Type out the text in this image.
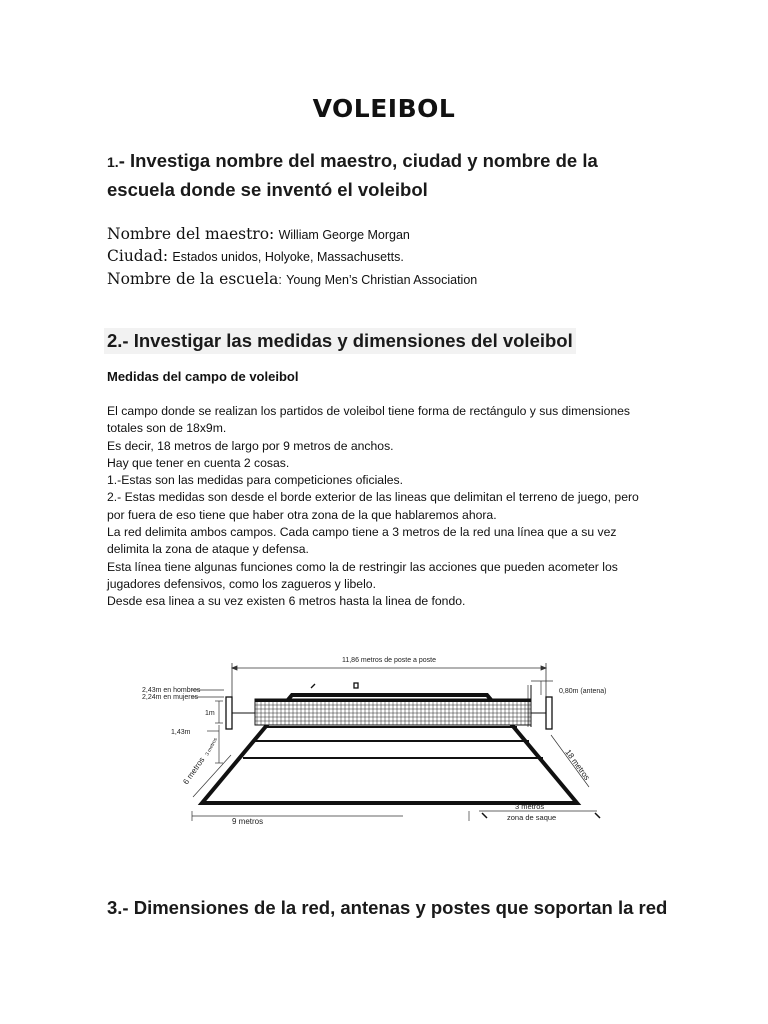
VOLEIBOL
1.- Investiga nombre del maestro, ciudad y nombre de la escuela donde se inventó el voleibol
Nombre del maestro: William George Morgan
Ciudad: Estados unidos, Holyoke, Massachusetts.
Nombre de la escuela: Young Men’s Christian Association
2.- Investigar las medidas y dimensiones del voleibol
Medidas del campo de voleibol
El campo donde se realizan los partidos de voleibol tiene forma de rectángulo y sus dimensiones
totales son de 18x9m.
Es decir, 18 metros de largo por 9 metros de anchos.
Hay que tener en cuenta 2 cosas.
1.-Estas son las medidas para competiciones oficiales.
2.- Estas medidas son desde el borde exterior de las lineas que delimitan el terreno de juego, pero
por fuera de eso tiene que haber otra zona de la que hablaremos ahora.
La red delimita ambos campos. Cada campo tiene a 3 metros de la red una línea que a su vez
delimita la zona de ataque y defensa.
Esta línea tiene algunas funciones como la de restringir las acciones que pueden acometer los
jugadores defensivos, como los zagueros y libelo.
Desde esa linea a su vez existen 6 metros hasta la linea de fondo.
11,86 metros de poste a poste
2,43m en hombres
2,24m en mujeres
1m
1,43m
0,80m (antena)
18 metros
6 metros
3 metros
9 metros
3 metros
zona de saque
3.- Dimensiones de la red, antenas y postes que soportan la red
